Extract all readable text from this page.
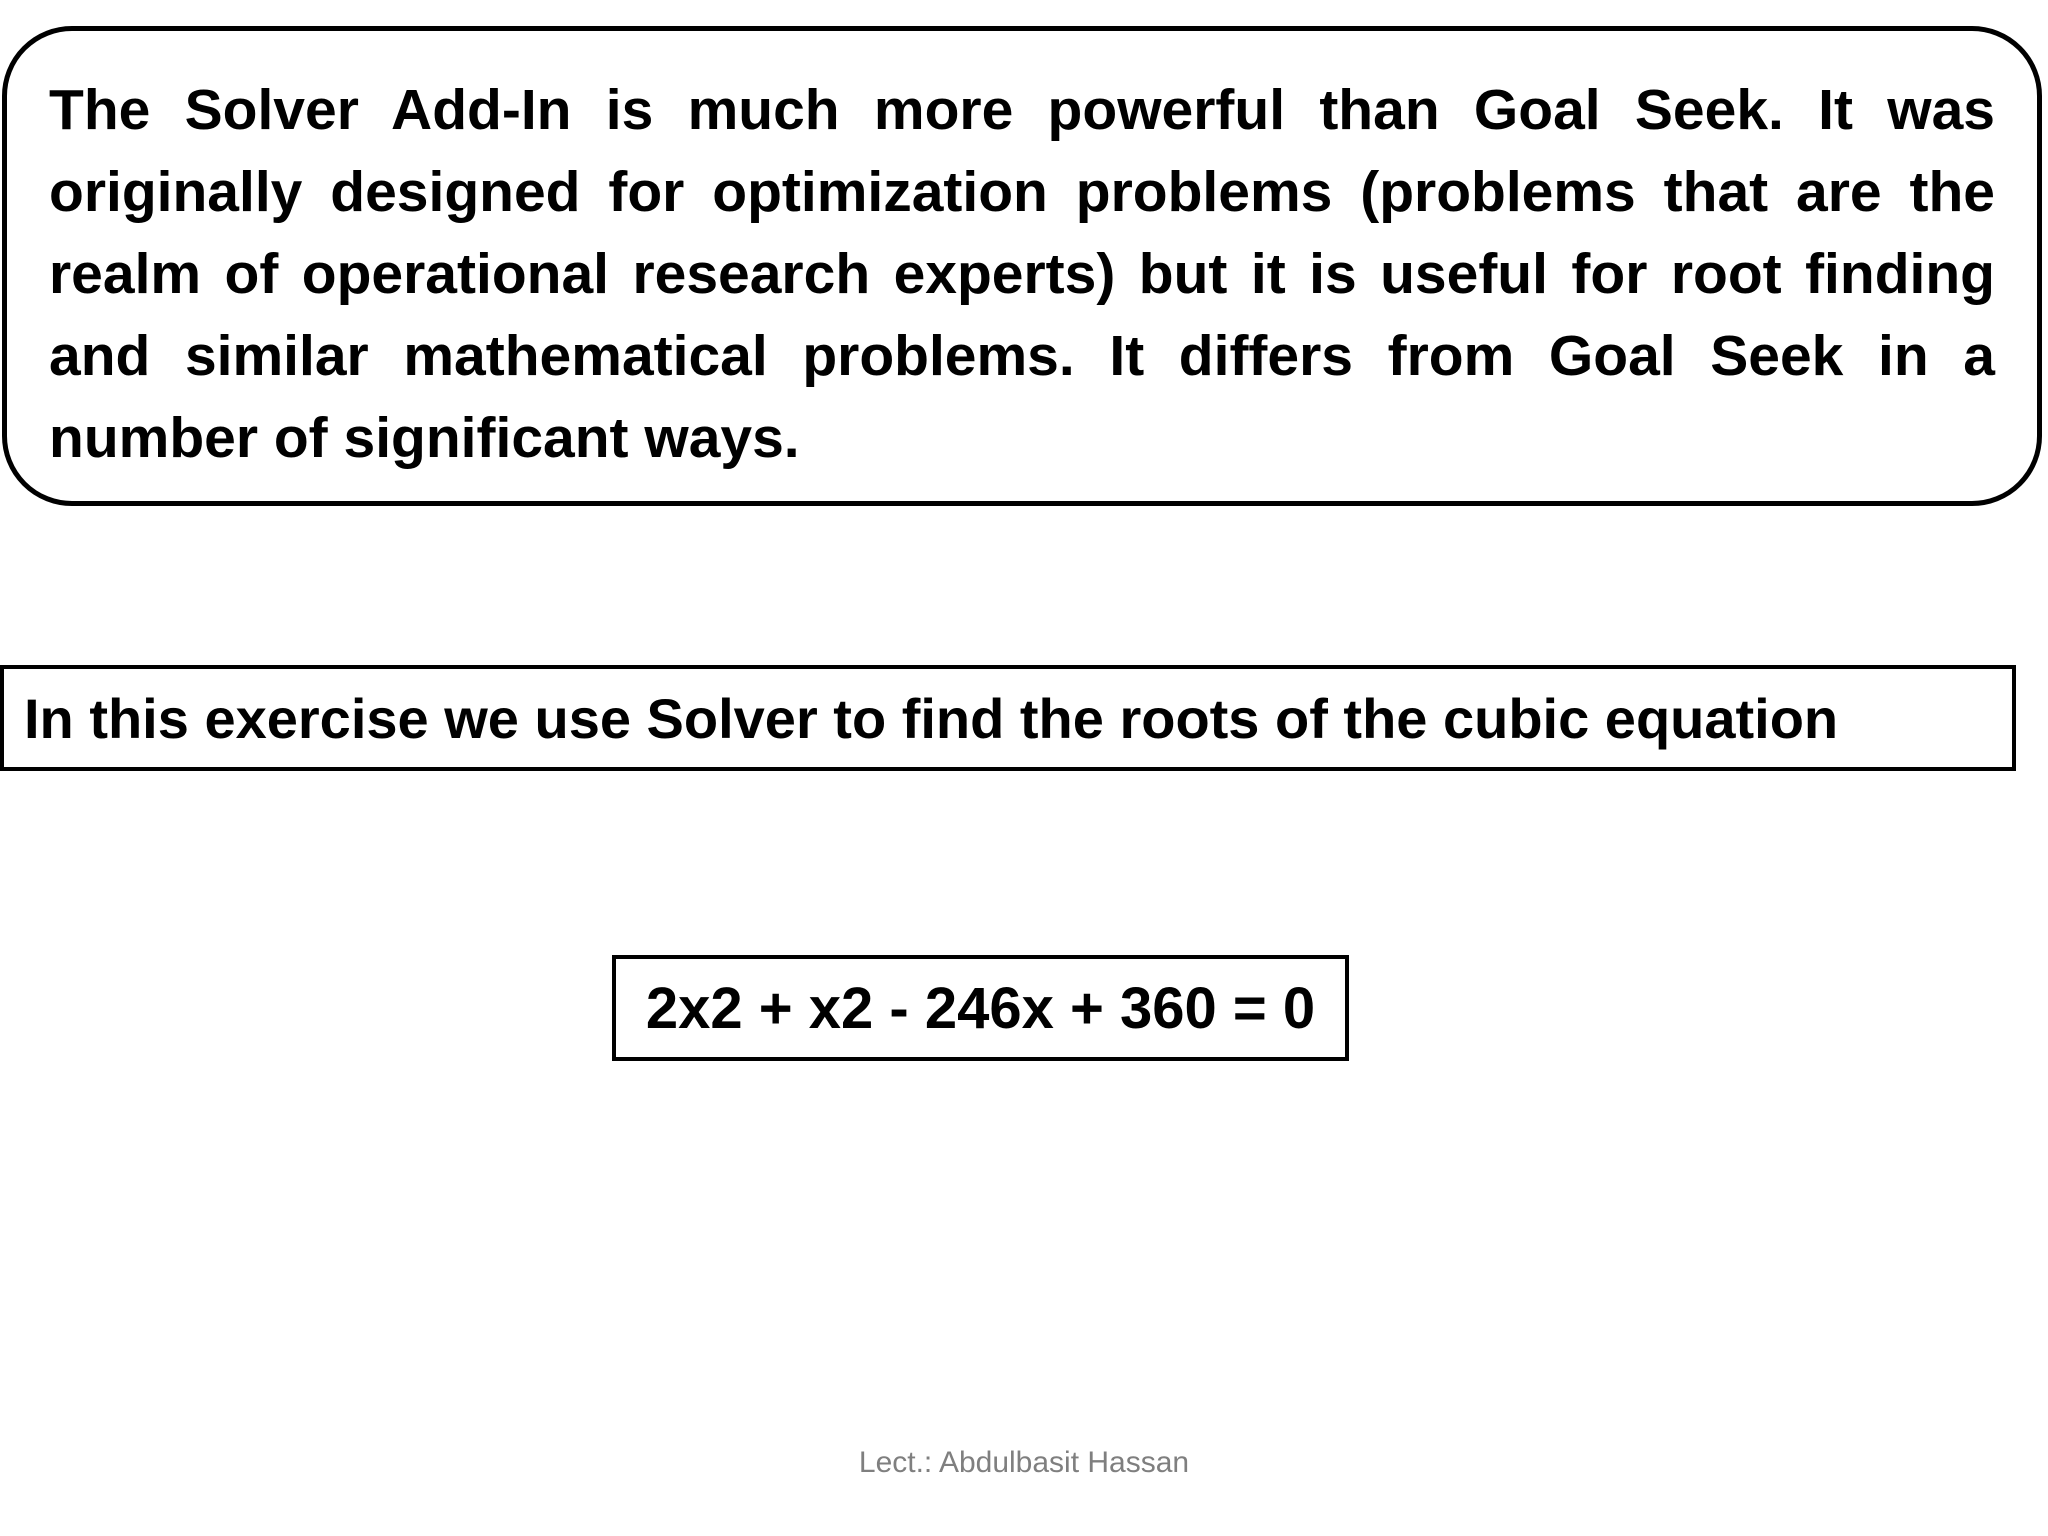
The Solver Add-In is much more powerful than Goal Seek. It was originally designed for optimization problems (problems that are the realm of operational research experts) but it is useful for root finding and similar mathematical problems. It differs from Goal Seek in a number of significant ways.

In this exercise we use Solver to find the roots of the cubic equation
2x2 + x2 - 246x + 360 = 0
Lect.: Abdulbasit Hassan
